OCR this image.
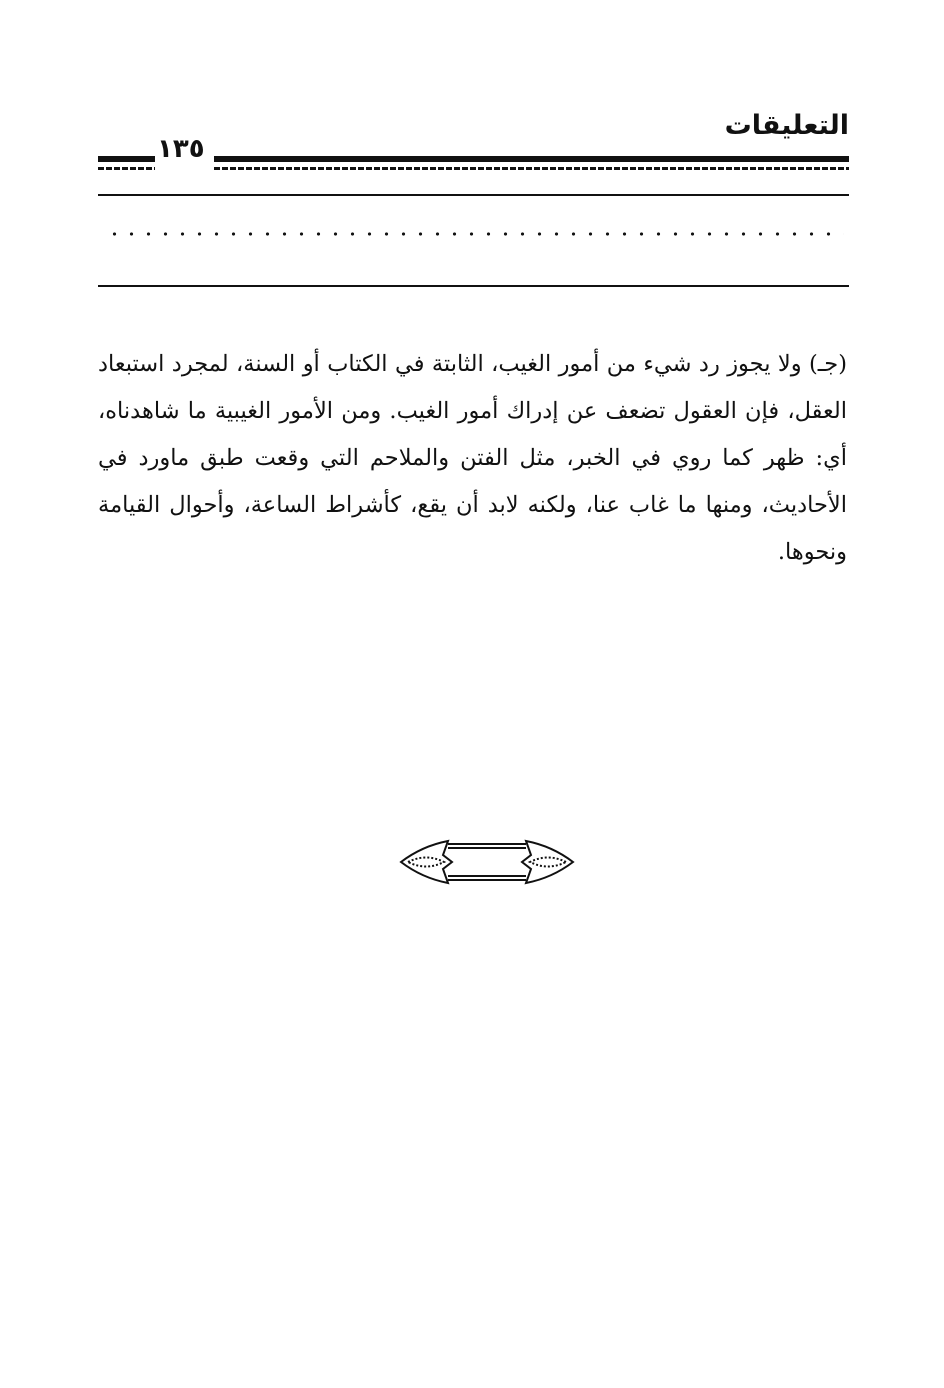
التعليقات
١٣٥

(جـ) ولا يجوز رد شيء من أمور الغيب، الثابتة في الكتاب أو السنة، لمجرد استبعاد العقل، فإن العقول تضعف عن إدراك أمور الغيب. ومن الأمور الغيبية ما شاهدناه، أي: ظهر كما روي في الخبر، مثل الفتن والملاحم التي وقعت طبق ماورد في الأحاديث، ومنها ما غاب عنا، ولكنه لابد أن يقع، كأشراط الساعة، وأحوال القيامة ونحوها.
